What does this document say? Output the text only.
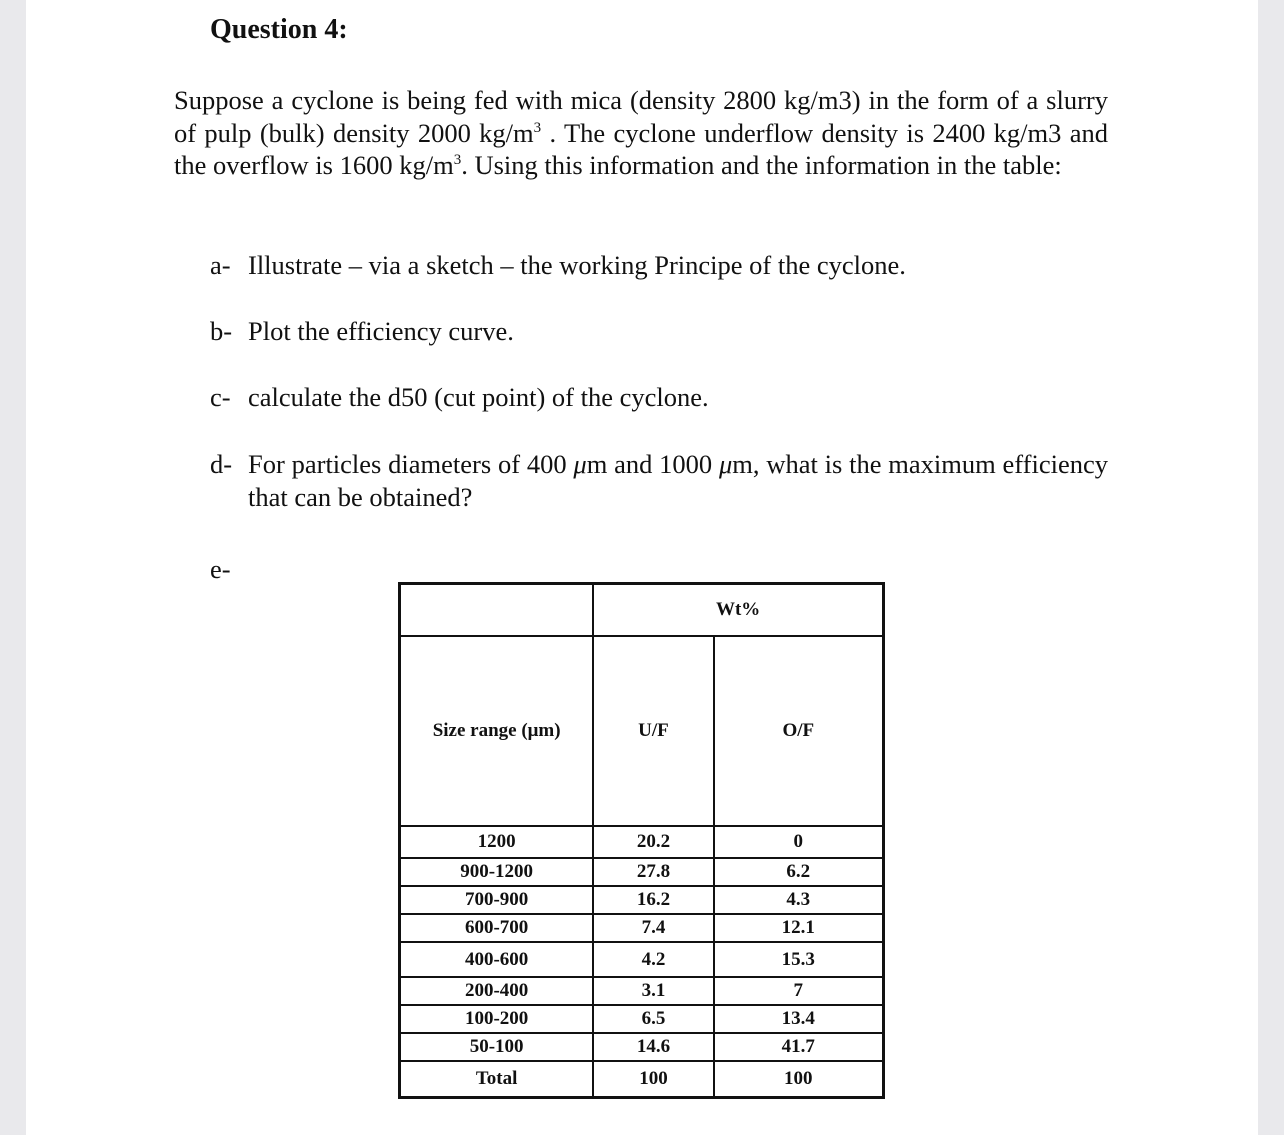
Question 4:

Suppose a cyclone is being fed with mica (density 2800 kg/m3) in the form of a slurry of pulp (bulk) density 2000 $kg/m^3$ . The cyclone underflow density is 2400 kg/m3 and the overflow is 1600 $kg/m^3$. Using this information and the information in the table:

a- Illustrate – via a sketch – the working Principe of the cyclone.
b- Plot the efficiency curve.
c- calculate the d50 (cut point) of the cyclone.
d- For particles diameters of 400 μm and 1000 μm, what is the maximum efficiency that can be obtained?
e-
	Wt%	
Size range (μm)	U/F	O/F
1200	20.2	0
900-1200	27.8	6.2
700-900	16.2	4.3
600-700	7.4	12.1
400-600	4.2	15.3
200-400	3.1	7
100-200	6.5	13.4
50-100	14.6	41.7
Total	100	100
